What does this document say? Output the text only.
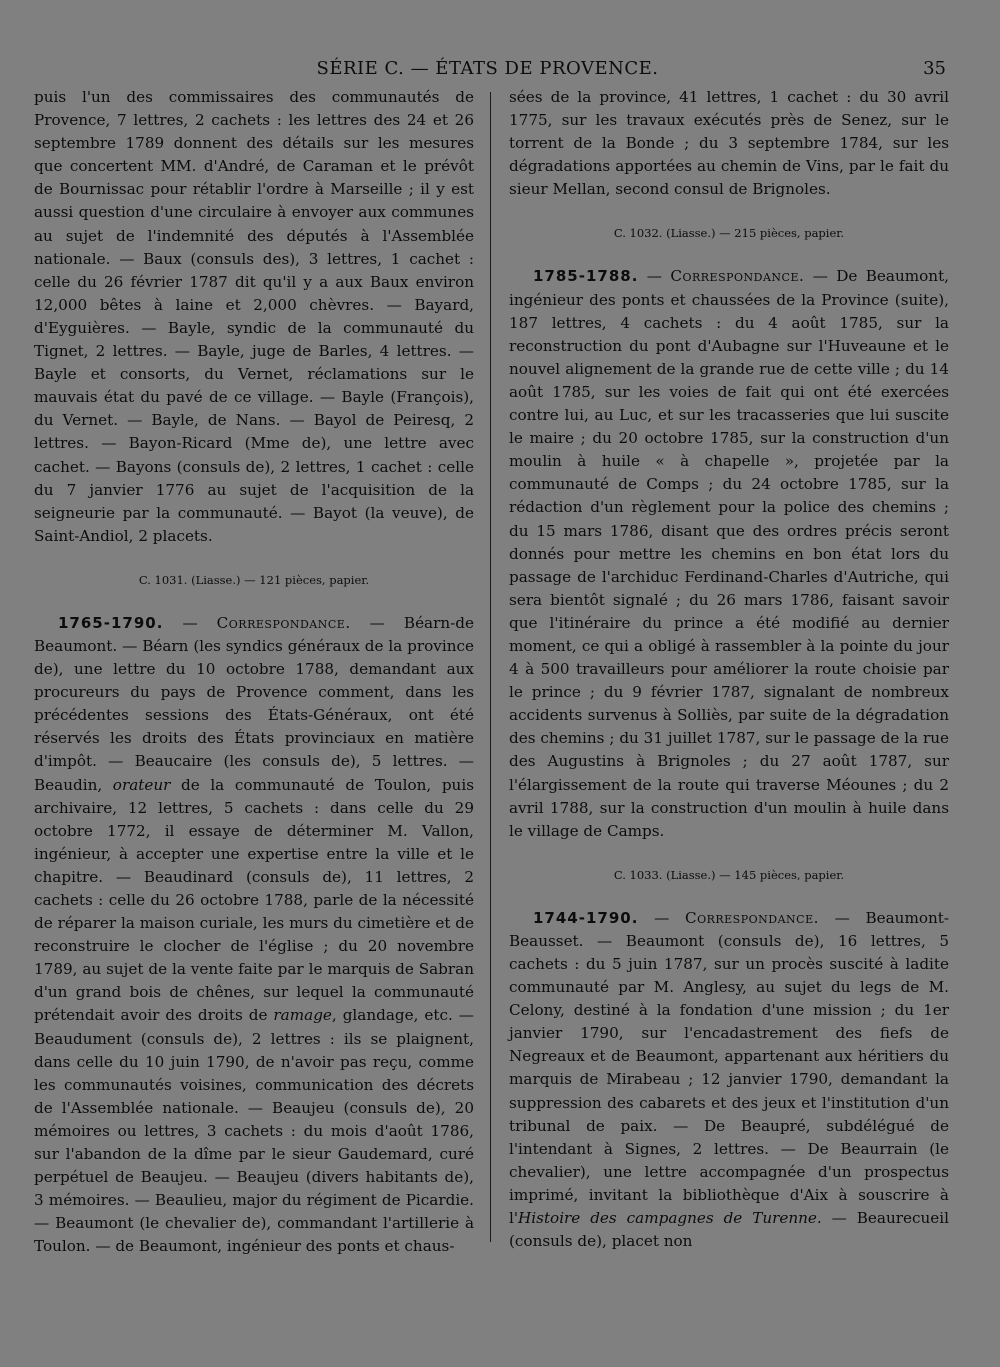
SÉRIE C. — ÉTATS DE PROVENCE.	35

puis l'un des commissaires des communautés de Provence, 7 lettres, 2 cachets : les lettres des 24 et 26 septembre 1789 donnent des détails sur les mesures que concertent MM. d'André, de Caraman et le prévôt de Bournissac pour rétablir l'ordre à Marseille ; il y est aussi question d'une circulaire à envoyer aux communes au sujet de l'indemnité des députés à l'Assemblée nationale. — Baux (consuls des), 3 lettres, 1 cachet : celle du 26 février 1787 dit qu'il y a aux Baux environ 12,000 bêtes à laine et 2,000 chèvres. — Bayard, d'Eyguières. — Bayle, syndic de la communauté du Tignet, 2 lettres. — Bayle, juge de Barles, 4 lettres. — Bayle et consorts, du Vernet, réclamations sur le mauvais état du pavé de ce village. — Bayle (François), du Vernet. — Bayle, de Nans. — Bayol de Peiresq, 2 lettres. — Bayon-Ricard (Mme de), une lettre avec cachet. — Bayons (consuls de), 2 lettres, 1 cachet : celle du 7 janvier 1776 au sujet de l'acquisition de la seigneurie par la communauté. — Bayot (la veuve), de Saint-Andiol, 2 placets.

C. 1031. (Liasse.) — 121 pièces, papier.

1765-1790. — Correspondance. — Béarn-de Beaumont. — Béarn (les syndics généraux de la province de), une lettre du 10 octobre 1788, demandant aux procureurs du pays de Provence comment, dans les précédentes sessions des États-Généraux, ont été réservés les droits des États provinciaux en matière d'impôt. — Beaucaire (les consuls de), 5 lettres. — Beaudin, orateur de la communauté de Toulon, puis archivaire, 12 lettres, 5 cachets : dans celle du 29 octobre 1772, il essaye de déterminer M. Vallon, ingénieur, à accepter une expertise entre la ville et le chapitre. — Beaudinard (consuls de), 11 lettres, 2 cachets : celle du 26 octobre 1788, parle de la nécessité de réparer la maison curiale, les murs du cimetière et de reconstruire le clocher de l'église ; du 20 novembre 1789, au sujet de la vente faite par le marquis de Sabran d'un grand bois de chênes, sur lequel la communauté prétendait avoir des droits de ramage, glandage, etc. — Beaudument (consuls de), 2 lettres : ils se plaignent, dans celle du 10 juin 1790, de n'avoir pas reçu, comme les communautés voisines, communication des décrets de l'Assemblée nationale. — Beaujeu (consuls de), 20 mémoires ou lettres, 3 cachets : du mois d'août 1786, sur l'abandon de la dîme par le sieur Gaudemard, curé perpétuel de Beaujeu. — Beaujeu (divers habitants de), 3 mémoires. — Beaulieu, major du régiment de Picardie. — Beaumont (le chevalier de), commandant l'artillerie à Toulon. — de Beaumont, ingénieur des ponts et chaus-

sées de la province, 41 lettres, 1 cachet : du 30 avril 1775, sur les travaux exécutés près de Senez, sur le torrent de la Bonde ; du 3 septembre 1784, sur les dégradations apportées au chemin de Vins, par le fait du sieur Mellan, second consul de Brignoles.

C. 1032. (Liasse.) — 215 pièces, papier.

1785-1788. — Correspondance. — De Beaumont, ingénieur des ponts et chaussées de la Province (suite), 187 lettres, 4 cachets : du 4 août 1785, sur la reconstruction du pont d'Aubagne sur l'Huveaune et le nouvel alignement de la grande rue de cette ville ; du 14 août 1785, sur les voies de fait qui ont été exercées contre lui, au Luc, et sur les tracasseries que lui suscite le maire ; du 20 octobre 1785, sur la construction d'un moulin à huile « à chapelle », projetée par la communauté de Comps ; du 24 octobre 1785, sur la rédaction d'un règlement pour la police des chemins ; du 15 mars 1786, disant que des ordres précis seront donnés pour mettre les chemins en bon état lors du passage de l'archiduc Ferdinand-Charles d'Autriche, qui sera bientôt signalé ; du 26 mars 1786, faisant savoir que l'itinéraire du prince a été modifié au dernier moment, ce qui a obligé à rassembler à la pointe du jour 4 à 500 travailleurs pour améliorer la route choisie par le prince ; du 9 février 1787, signalant de nombreux accidents survenus à Solliès, par suite de la dégradation des chemins ; du 31 juillet 1787, sur le passage de la rue des Augustins à Brignoles ; du 27 août 1787, sur l'élargissement de la route qui traverse Méounes ; du 2 avril 1788, sur la construction d'un moulin à huile dans le village de Camps.

C. 1033. (Liasse.) — 145 pièces, papier.

1744-1790. — Correspondance. — Beaumont-Beausset. — Beaumont (consuls de), 16 lettres, 5 cachets : du 5 juin 1787, sur un procès suscité à ladite communauté par M. Anglesy, au sujet du legs de M. Celony, destiné à la fondation d'une mission ; du 1er janvier 1790, sur l'encadastrement des fiefs de Negreaux et de Beaumont, appartenant aux héritiers du marquis de Mirabeau ; 12 janvier 1790, demandant la suppression des cabarets et des jeux et l'institution d'un tribunal de paix. — De Beaupré, subdélégué de l'intendant à Signes, 2 lettres. — De Beaurrain (le chevalier), une lettre accompagnée d'un prospectus imprimé, invitant la bibliothèque d'Aix à souscrire à l'Histoire des campagnes de Turenne. — Beaurecueil (consuls de), placet non
